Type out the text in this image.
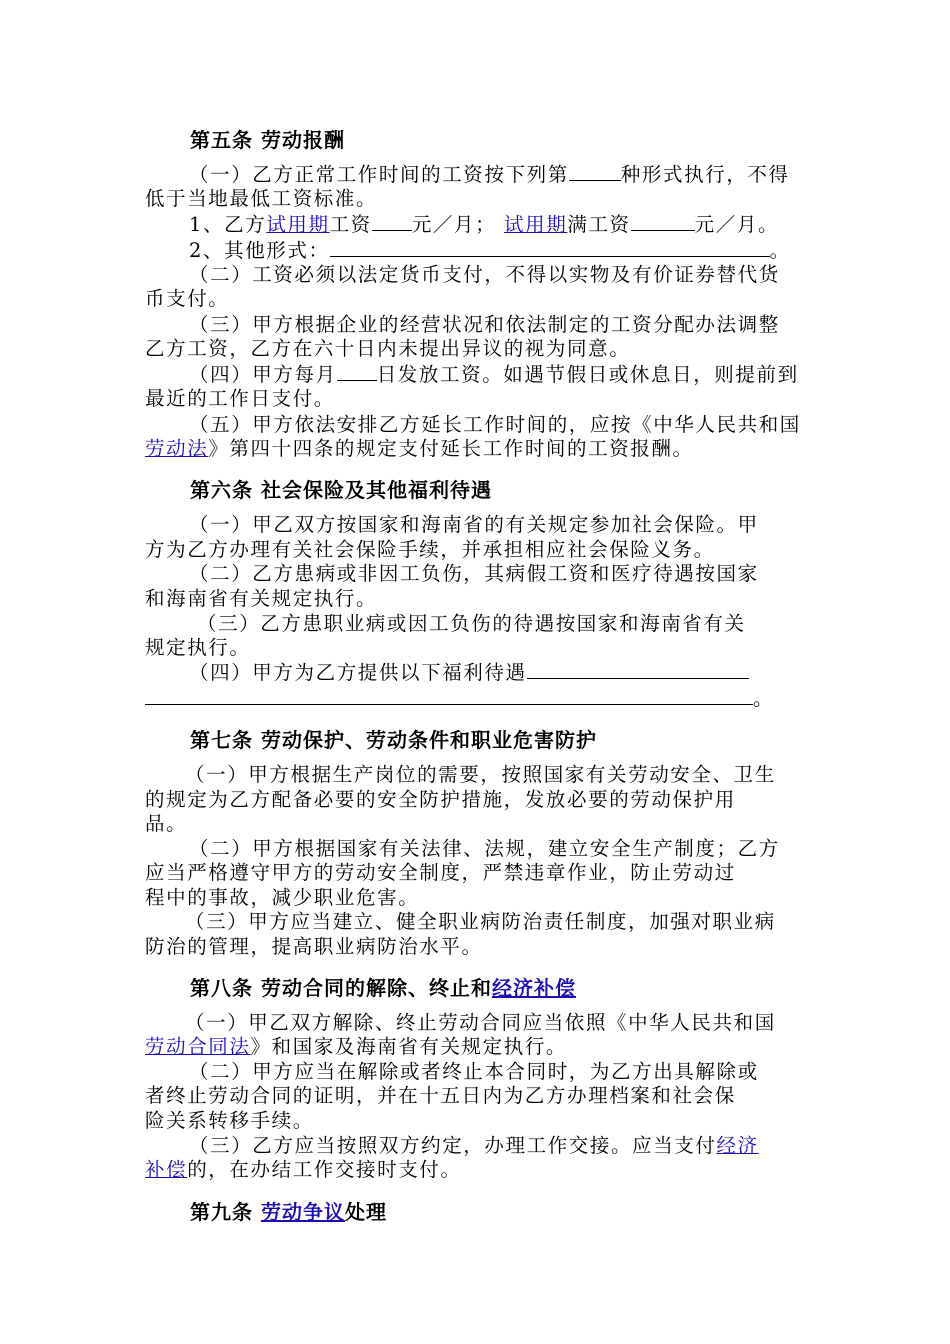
第五条 劳动报酬
（一）乙方正常工作时间的工资按下列第	种形式执行，不得
低于当地最低工资标准。
1、乙方试用期工资 元／月； 试用期满工资	元／月。
2、其他形式：	。
（二）工资必须以法定货币支付，不得以实物及有价证券替代货
币支付。
（三）甲方根据企业的经营状况和依法制定的工资分配办法调整
乙方工资，乙方在六十日内未提出异议的视为同意。
（四）甲方每月 日发放工资。如遇节假日或休息日，则提前到
最近的工作日支付。
（五）甲方依法安排乙方延长工作时间的，应按《中华人民共和国
劳动法》第四十四条的规定支付延长工作时间的工资报酬。
第六条 社会保险及其他福利待遇
（一）甲乙双方按国家和海南省的有关规定参加社会保险。甲
方为乙方办理有关社会保险手续，并承担相应社会保险义务。
（二）乙方患病或非因工负伤，其病假工资和医疗待遇按国家
和海南省有关规定执行。
（三）乙方患职业病或因工负伤的待遇按国家和海南省有关
规定执行。
（四）甲方为乙方提供以下福利待遇
。
第七条 劳动保护、劳动条件和职业危害防护
（一）甲方根据生产岗位的需要，按照国家有关劳动安全、卫生
的规定为乙方配备必要的安全防护措施，发放必要的劳动保护用
品。
（二）甲方根据国家有关法律、法规，建立安全生产制度；乙方
应当严格遵守甲方的劳动安全制度，严禁违章作业，防止劳动过
程中的事故，减少职业危害。
（三）甲方应当建立、健全职业病防治责任制度，加强对职业病
防治的管理，提高职业病防治水平。
第八条 劳动合同的解除、终止和经济补偿
（一）甲乙双方解除、终止劳动合同应当依照《中华人民共和国
劳动合同法》和国家及海南省有关规定执行。
（二）甲方应当在解除或者终止本合同时，为乙方出具解除或
者终止劳动合同的证明，并在十五日内为乙方办理档案和社会保
险关系转移手续。
（三）乙方应当按照双方约定，办理工作交接。应当支付经济
补偿的，在办结工作交接时支付。
第九条 劳动争议处理
